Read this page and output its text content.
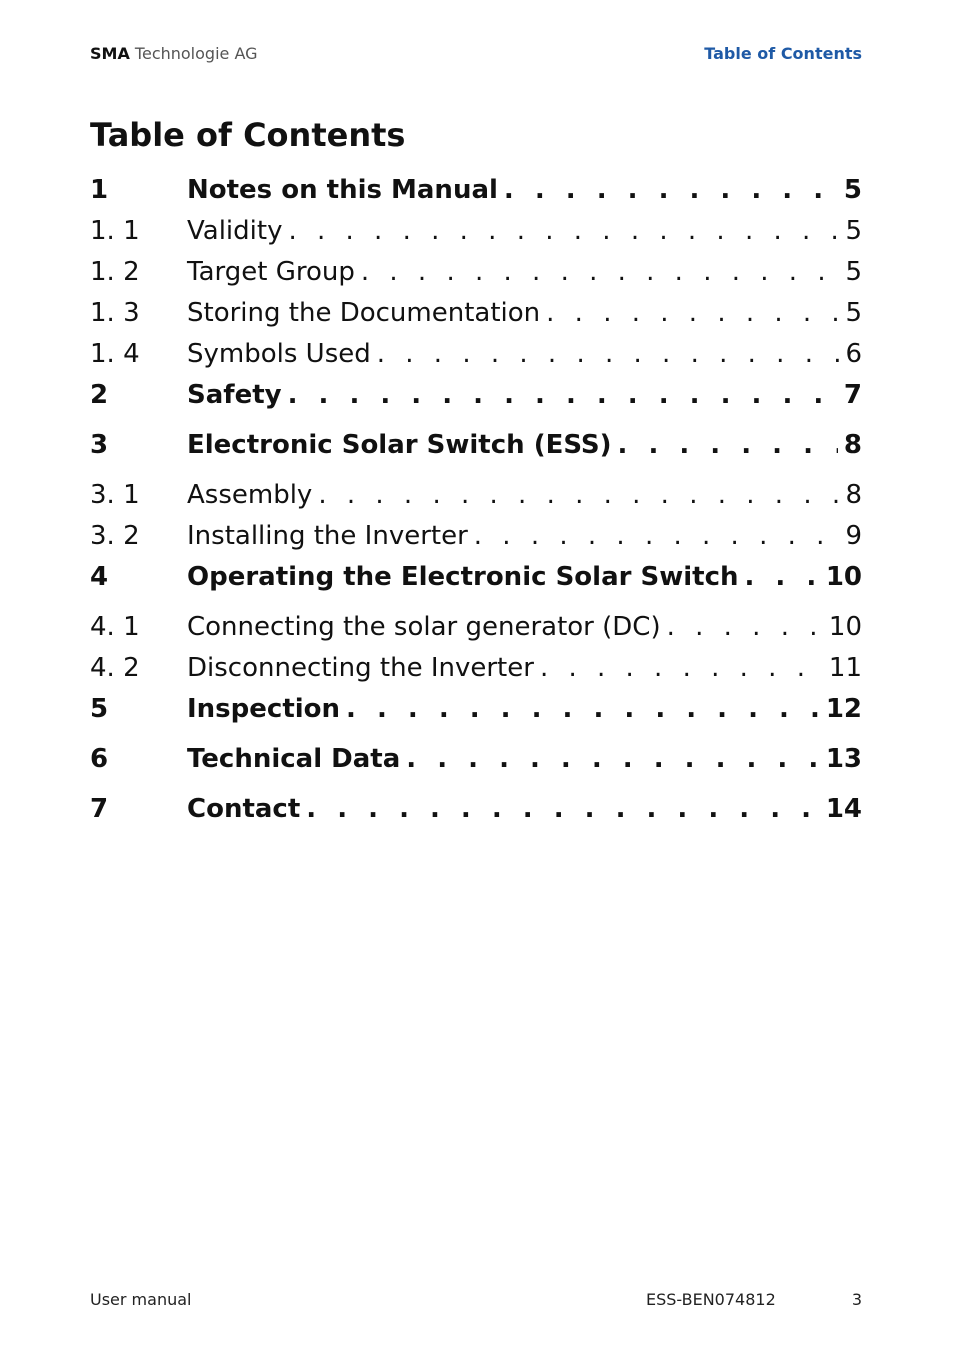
SMA Technologie AG	Table of Contents
Table of Contents
1	Notes on this Manual . . .	5
1. 1	Validity . . .	5
1. 2	Target Group . . .	5
1. 3	Storing the Documentation . . .	5
1. 4	Symbols Used . . .	6
2	Safety . . .	7
3	Electronic Solar Switch (ESS) . . .	8
3. 1	Assembly . . .	8
3. 2	Installing the Inverter . . .	9
4	Operating the Electronic Solar Switch . . .	10
4. 1	Connecting the solar generator (DC) . . .	10
4. 2	Disconnecting the Inverter . . .	11
5	Inspection . . .	12
6	Technical Data . . .	13
7	Contact . . .	14
User manual	ESS-BEN074812	3
